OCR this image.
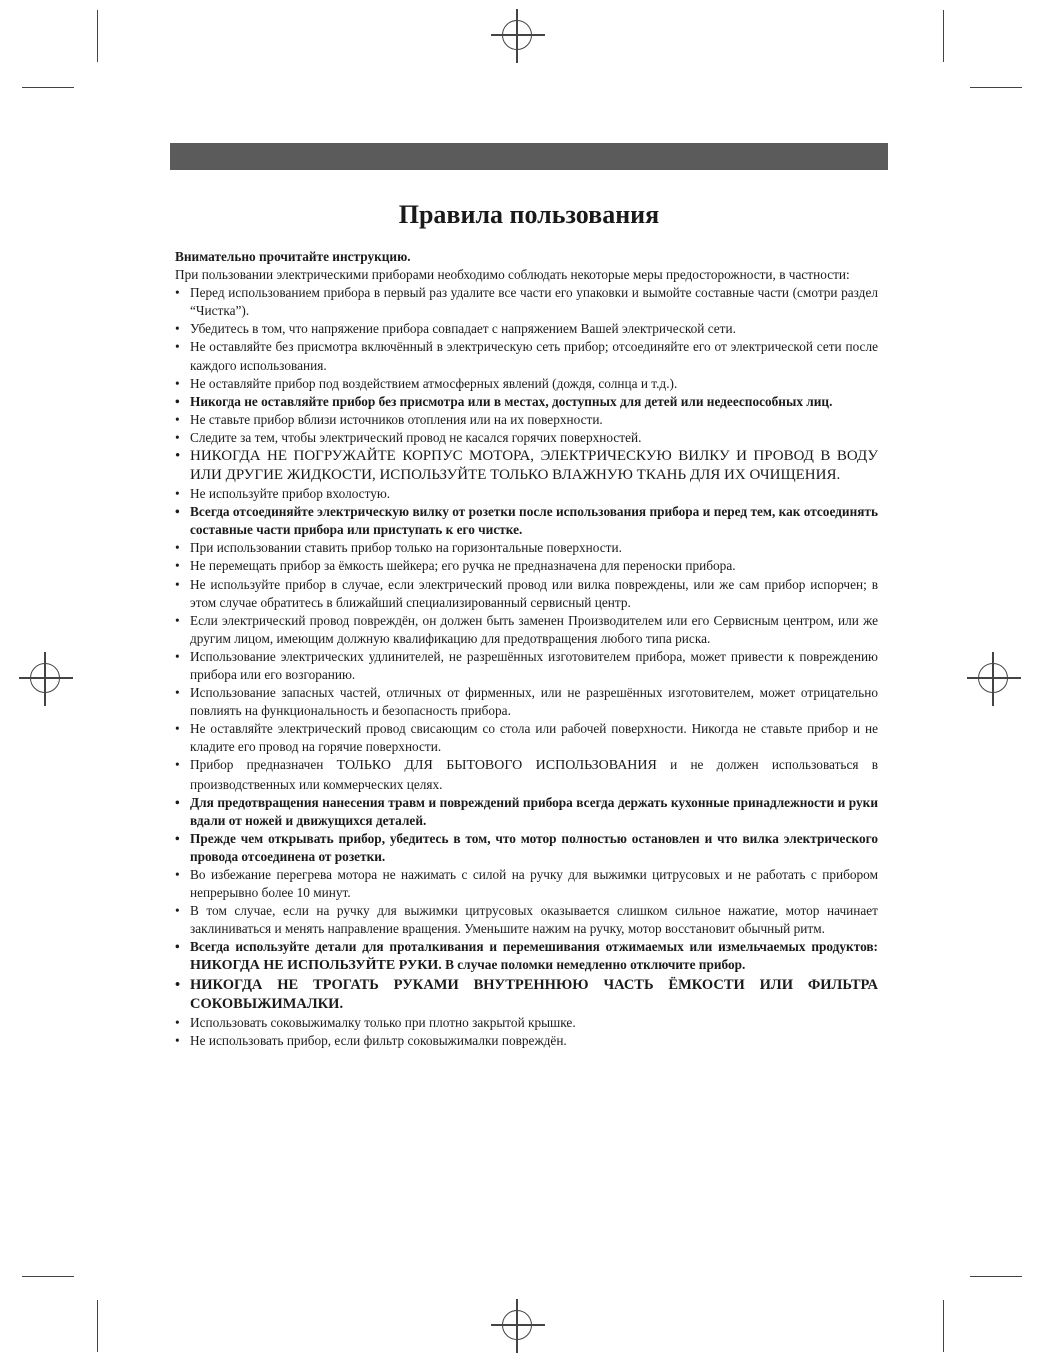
Правила пользования

Внимательно прочитайте инструкцию.

При пользовании электрическими приборами необходимо соблюдать некоторые меры предосторожности, в частности:

• Перед использованием прибора в первый раз удалите все части его упаковки и вымойте составные части (смотри раздел “Чистка”).
• Убедитесь в том, что напряжение прибора совпадает с напряжением Вашей электрической сети.
• Не оставляйте без присмотра включённый в электрическую сеть прибор; отсоединяйте его от электрической сети после каждого использования.
• Не оставляйте прибор под воздействием атмосферных явлений (дождя, солнца и т.д.).
• Никогда не оставляйте прибор без присмотра или в местах, доступных для детей или недееспособных лиц.
• Не ставьте прибор вблизи источников отопления или на их поверхности.
• Следите за тем, чтобы электрический провод не касался горячих поверхностей.
• НИКОГДА НЕ ПОГРУЖАЙТЕ КОРПУС МОТОРА, ЭЛЕКТРИЧЕСКУЮ ВИЛКУ И ПРОВОД В ВОДУ ИЛИ ДРУГИЕ ЖИДКОСТИ, ИСПОЛЬЗУЙТЕ ТОЛЬКО ВЛАЖНУЮ ТКАНЬ ДЛЯ ИХ ОЧИЩЕНИЯ.
• Не используйте прибор вхолостую.
• Всегда отсоединяйте электрическую вилку от розетки после использования прибора и перед тем, как отсоединять составные части прибора или приступать к его чистке.
• При использовании ставить прибор только на горизонтальные поверхности.
• Не перемещать прибор за ёмкость шейкера; его ручка не предназначена для переноски прибора.
• Не используйте прибор в случае, если электрический провод или вилка повреждены, или же сам прибор испорчен; в этом случае обратитесь в ближайший специализированный сервисный центр.
• Если электрический провод повреждён, он должен быть заменен Производителем или его Сервисным центром, или же другим лицом, имеющим должную квалификацию для предотвращения любого типа риска.
• Использование электрических удлинителей, не разрешённых изготовителем прибора, может привести к повреждению прибора или его возгоранию.
• Использование запасных частей, отличных от фирменных, или не разрешённых изготовителем, может отрицательно повлиять на функциональность и безопасность прибора.
• Не оставляйте электрический провод свисающим со стола или рабочей поверхности. Никогда не ставьте прибор и не кладите его провод на горячие поверхности.
• Прибор предназначен ТОЛЬКО ДЛЯ БЫТОВОГО ИСПОЛЬЗОВАНИЯ и не должен использоваться в производственных или коммерческих целях.
• Для предотвращения нанесения травм и повреждений прибора всегда держать кухонные принадлежности и руки вдали от ножей и движущихся деталей.
• Прежде чем открывать прибор, убедитесь в том, что мотор полностью остановлен и что вилка электрического провода отсоединена от розетки.
• Во избежание перегрева мотора не нажимать с силой на ручку для выжимки цитрусовых и не работать с прибором непрерывно более 10 минут.
• В том случае, если на ручку для выжимки цитрусовых оказывается слишком сильное нажатие, мотор начинает заклиниваться и менять направление вращения. Уменьшите нажим на ручку, мотор восстановит обычный ритм.
• Всегда используйте детали для проталкивания и перемешивания отжимаемых или измельчаемых продуктов: НИКОГДА НЕ ИСПОЛЬЗУЙТЕ РУКИ. В случае поломки немедленно отключите прибор.
• НИКОГДА НЕ ТРОГАТЬ РУКАМИ ВНУТРЕННЮЮ ЧАСТЬ ЁМКОСТИ ИЛИ ФИЛЬТРА СОКОВЫЖИМАЛКИ.
• Использовать соковыжималку только при плотно закрытой крышке.
• Не использовать прибор, если фильтр соковыжималки повреждён.
